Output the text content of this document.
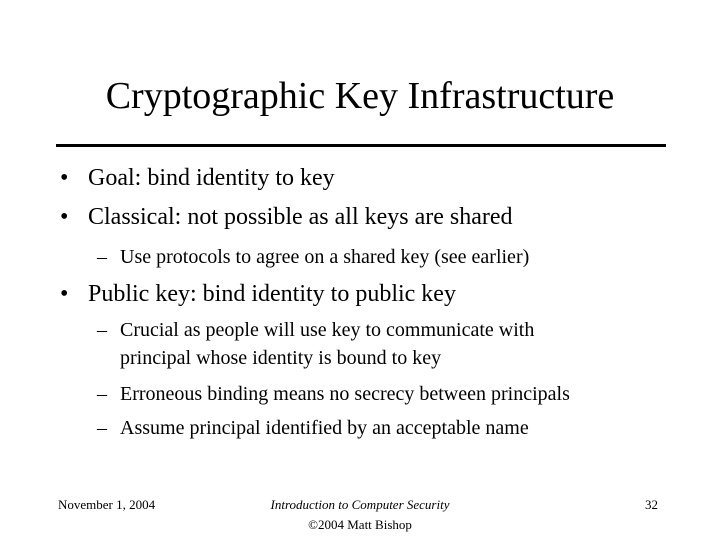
Cryptographic Key Infrastructure
• Goal: bind identity to key
• Classical: not possible as all keys are shared
– Use protocols to agree on a shared key (see earlier)
• Public key: bind identity to public key
– Crucial as people will use key to communicate with
principal whose identity is bound to key
– Erroneous binding means no secrecy between principals
– Assume principal identified by an acceptable name
November 1, 2004	Introduction to Computer Security
©2004 Matt Bishop
32
